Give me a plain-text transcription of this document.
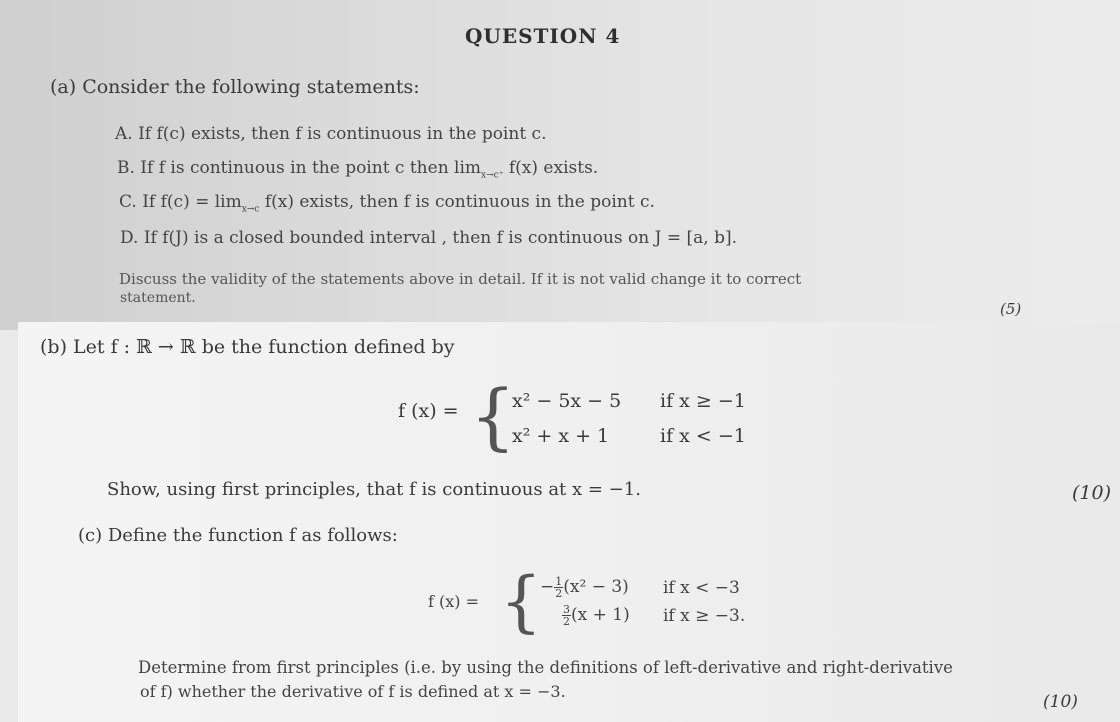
QUESTION 4
(a) Consider the following statements:
A. If f(c) exists, then f is continuous in the point c.
B. If f is continuous in the point c then $\lim_{x\to c^+} f(x)$ exists.
C. If $f(c) = \lim_{x\to c} f(x)$ exists, then f is continuous in the point c.
D. If f(J) is a closed bounded interval , then f is continuous on J = [a, b].
Discuss the validity of the statements above in detail. If it is not valid change it to correct
statement.
(5)
(b) Let f : ℝ → ℝ be the function defined by
f (x) = {
x² − 5x − 5 if x ≥ −1
x² + x + 1	if x < −1
Show, using first principles, that f is continuous at x = −1.	(10)
(c) Define the function f as follows:
f (x) = {
− $\frac{1}{2} (x^2 - 3)$ if x < −3
$\frac{3}{2} (x + 1)$ if x ≥ −3.
Determine from first principles (i.e. by using the definitions of left-derivative and right-derivative
of f) whether the derivative of f is defined at x = −3.
(10)
